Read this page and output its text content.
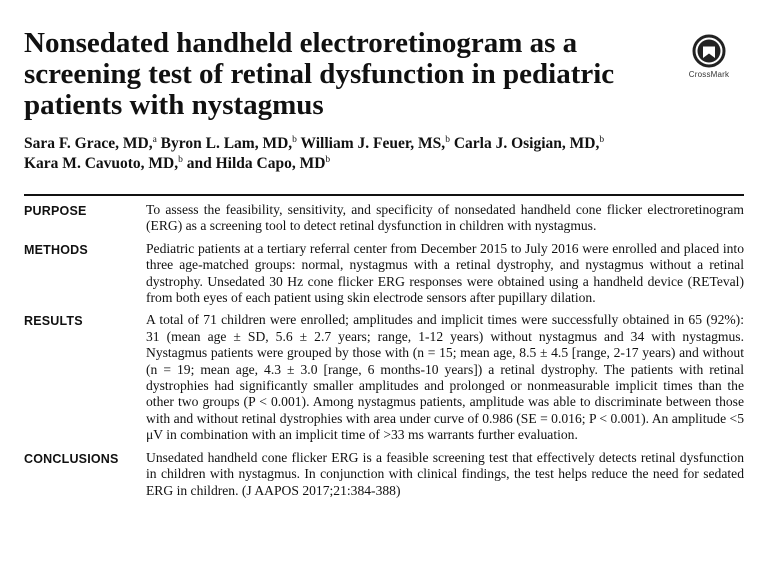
Nonsedated handheld electroretinogram as a screening test of retinal dysfunction in pediatric patients with nystagmus
CrossMark
Sara F. Grace, MD,$^a$ Byron L. Lam, MD,$^b$ William J. Feuer, MS,$^b$ Carla J. Osigian, MD,$^b$
Kara M. Cavuoto, MD,$^b$ and Hilda Capo, $MD^b$
PURPOSE	To assess the feasibility, sensitivity, and specificity of nonsedated handheld cone flicker electroretinogram (ERG) as a screening tool to detect retinal dysfunction in children with nystagmus.
METHODS	Pediatric patients at a tertiary referral center from December 2015 to July 2016 were enrolled and placed into three age-matched groups: normal, nystagmus with a retinal dystrophy, and nystagmus without a retinal dystrophy. Unsedated 30 Hz cone flicker ERG responses were obtained using a handheld device (RETeval) from both eyes of each patient using skin electrode sensors after pupillary dilation.
RESULTS	A total of 71 children were enrolled; amplitudes and implicit times were successfully obtained in 65 (92%): 31 (mean age ± SD, 5.6 ± 2.7 years; range, 1-12 years) without nystagmus and 34 with nystagmus. Nystagmus patients were grouped by those with (n = 15; mean age, 8.5 ± 4.5 [range, 2-17 years) and without (n = 19; mean age, 4.3 ± 3.0 [range, 6 months-10 years]) a retinal dystrophy. The patients with retinal dystrophies had significantly smaller amplitudes and prolonged or nonmeasurable implicit times than the other two groups (P < 0.001). Among nystagmus patients, amplitude was able to discriminate between those with and without retinal dystrophies with area under curve of 0.986 (SE = 0.016; P < 0.001). An amplitude <5 μV in combination with an implicit time of >33 ms warrants further evaluation.
CONCLUSIONS	Unsedated handheld cone flicker ERG is a feasible screening test that effectively detects retinal dysfunction in children with nystagmus. In conjunction with clinical findings, the test helps reduce the need for sedated ERG in children. (J AAPOS 2017;21:384-388)
